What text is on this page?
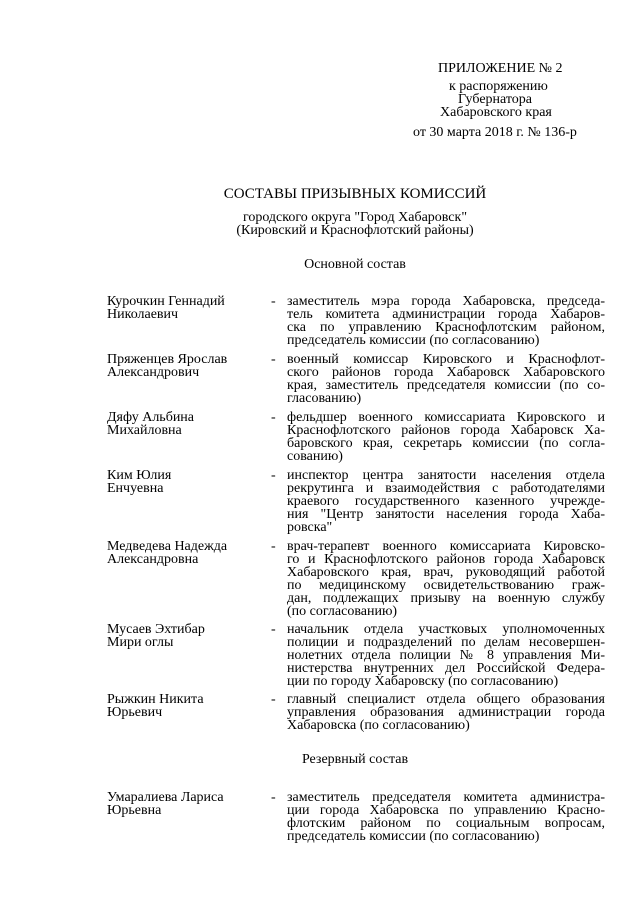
ПРИЛОЖЕНИЕ № 2
к распоряжению
Губернатора
Хабаровского края
от 30 марта 2018 г. № 136-р
СОСТАВЫ ПРИЗЫВНЫХ КОМИССИЙ
городского округа "Город Хабаровск"
(Кировский и Краснофлотский районы)
Основной состав
Курочкин Геннадий
Николаевич
- заместитель мэра города Хабаровска, председа-
тель комитета администрации города Хабаров-
ска по управлению Краснофлотским районом,
председатель комиссии (по согласованию)
Пряженцев Ярослав
Александрович
- военный комиссар Кировского и Краснофлот-
ского районов города Хабаровск Хабаровского
края, заместитель председателя комиссии (по со-
гласованию)
Дяфу Альбина
Михайловна
- фельдшер военного комиссариата Кировского и
Краснофлотского районов города Хабаровск Ха-
баровского края, секретарь комиссии (по согла-
сованию)
Ким Юлия
Енчуевна
- инспектор центра занятости населения отдела
рекрутинга и взаимодействия с работодателями
краевого государственного казенного учрежде-
ния "Центр занятости населения города Хаба-
ровска"
Медведева Надежда
Александровна
- врач-терапевт военного комиссариата Кировско-
го и Краснофлотского районов города Хабаровск
Хабаровского края, врач, руководящий работой
по медицинскому освидетельствованию граж-
дан, подлежащих призыву на военную службу
(по согласованию)
Мусаев Эхтибар
Мири оглы
- начальник отдела участковых уполномоченных
полиции и подразделений по делам несовершен-
нолетних отдела полиции № 8 управления Ми-
нистерства внутренних дел Российской Федера-
ции по городу Хабаровску (по согласованию)
Рыжкин Никита
Юрьевич
- главный специалист отдела общего образования
управления образования администрации города
Хабаровска (по согласованию)
Резервный состав
Умаралиева Лариса
Юрьевна
- заместитель председателя комитета администра-
ции города Хабаровска по управлению Красно-
флотским районом по социальным вопросам,
председатель комиссии (по согласованию)
